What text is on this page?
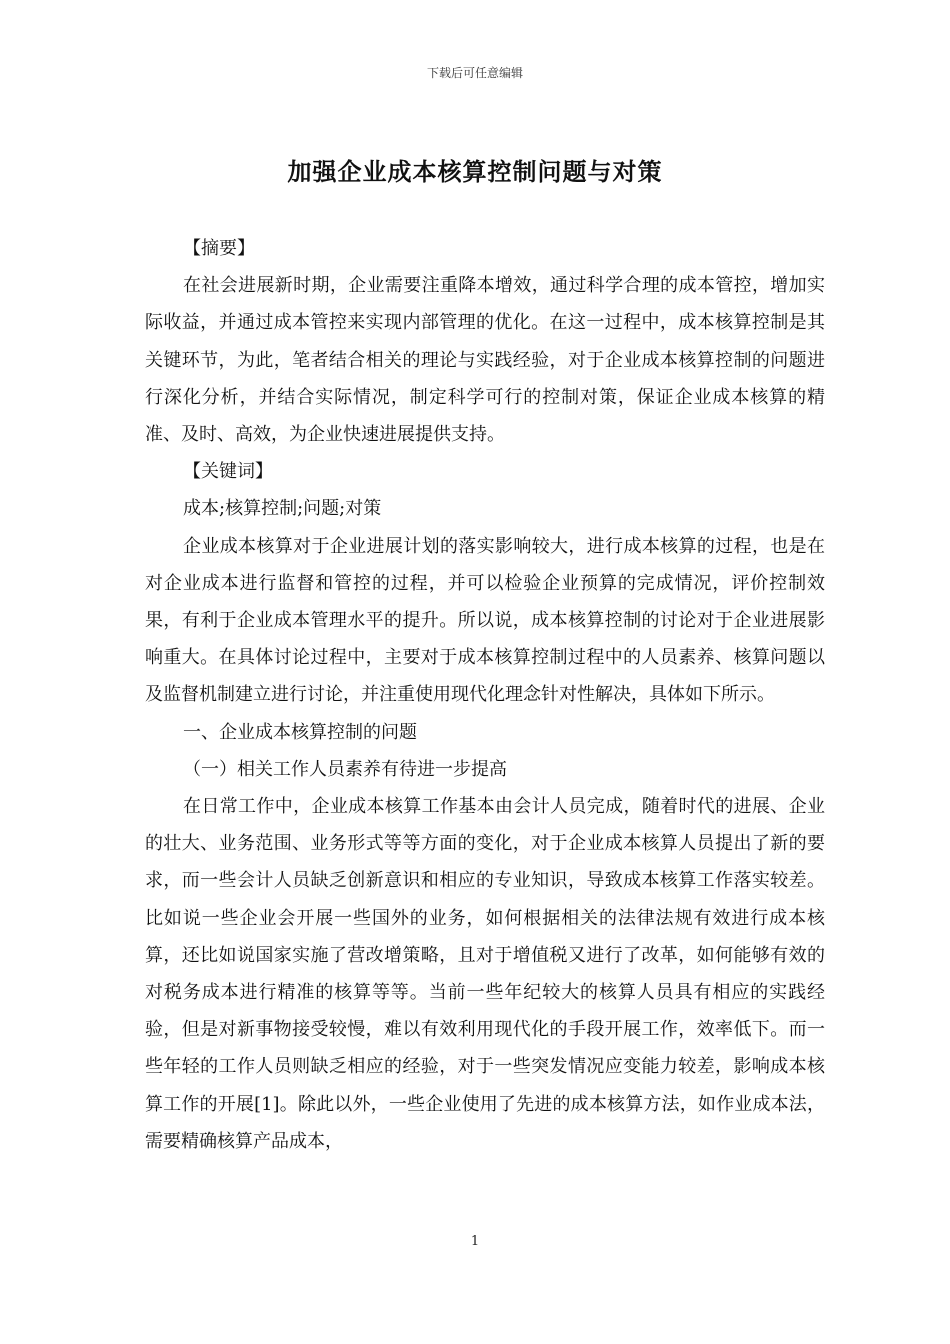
下载后可任意编辑
加强企业成本核算控制问题与对策

【摘要】

在社会进展新时期，企业需要注重降本增效，通过科学合理的成本管控，增加实际收益，并通过成本管控来实现内部管理的优化。在这一过程中，成本核算控制是其关键环节，为此，笔者结合相关的理论与实践经验，对于企业成本核算控制的问题进行深化分析，并结合实际情况，制定科学可行的控制对策，保证企业成本核算的精准、及时、高效，为企业快速进展提供支持。

【关键词】

成本;核算控制;问题;对策

企业成本核算对于企业进展计划的落实影响较大，进行成本核算的过程，也是在对企业成本进行监督和管控的过程，并可以检验企业预算的完成情况，评价控制效果，有利于企业成本管理水平的提升。所以说，成本核算控制的讨论对于企业进展影响重大。在具体讨论过程中，主要对于成本核算控制过程中的人员素养、核算问题以及监督机制建立进行讨论，并注重使用现代化理念针对性解决，具体如下所示。

一、企业成本核算控制的问题

（一）相关工作人员素养有待进一步提高

在日常工作中，企业成本核算工作基本由会计人员完成，随着时代的进展、企业的壮大、业务范围、业务形式等等方面的变化，对于企业成本核算人员提出了新的要求，而一些会计人员缺乏创新意识和相应的专业知识，导致成本核算工作落实较差。比如说一些企业会开展一些国外的业务，如何根据相关的法律法规有效进行成本核算，还比如说国家实施了营改增策略，且对于增值税又进行了改革，如何能够有效的对税务成本进行精准的核算等等。当前一些年纪较大的核算人员具有相应的实践经验，但是对新事物接受较慢，难以有效利用现代化的手段开展工作，效率低下。而一些年轻的工作人员则缺乏相应的经验，对于一些突发情况应变能力较差，影响成本核算工作的开展[1]。除此以外，一些企业使用了先进的成本核算方法，如作业成本法，需要精确核算产品成本，

1
